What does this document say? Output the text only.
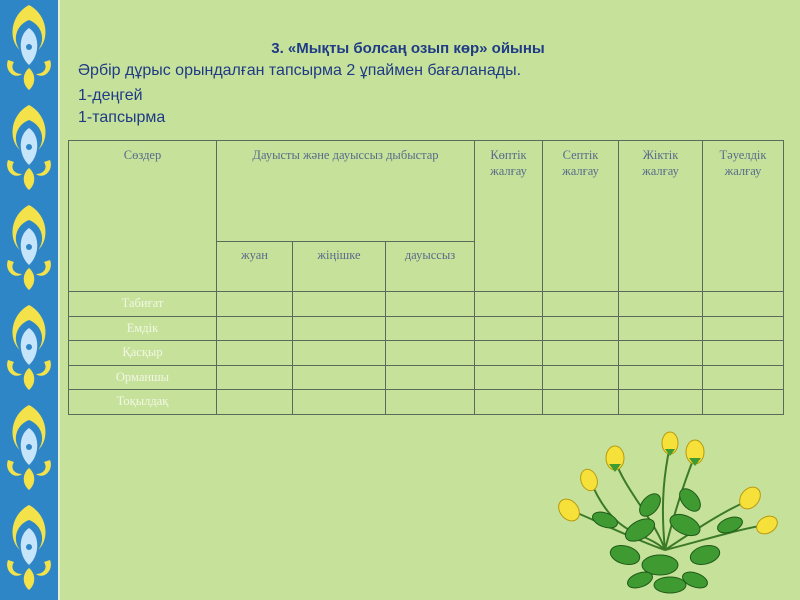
3. «Мықты болсаң озып көр» ойыны
Әрбір дұрыс орындалған тапсырма 2 ұпаймен бағаланады.
1-деңгей
1-тапсырма
Сөздер	Дауысты және дауыссыз дыбыстар			Көптік жалғау	Септік жалғау	Жіктік жалғау	Тәуелдік жалғау

	жуан	жіңішке	дауыссыз				

Табиғат							
Емдік							
Қасқыр							
Орманшы							
Тоқылдақ							
